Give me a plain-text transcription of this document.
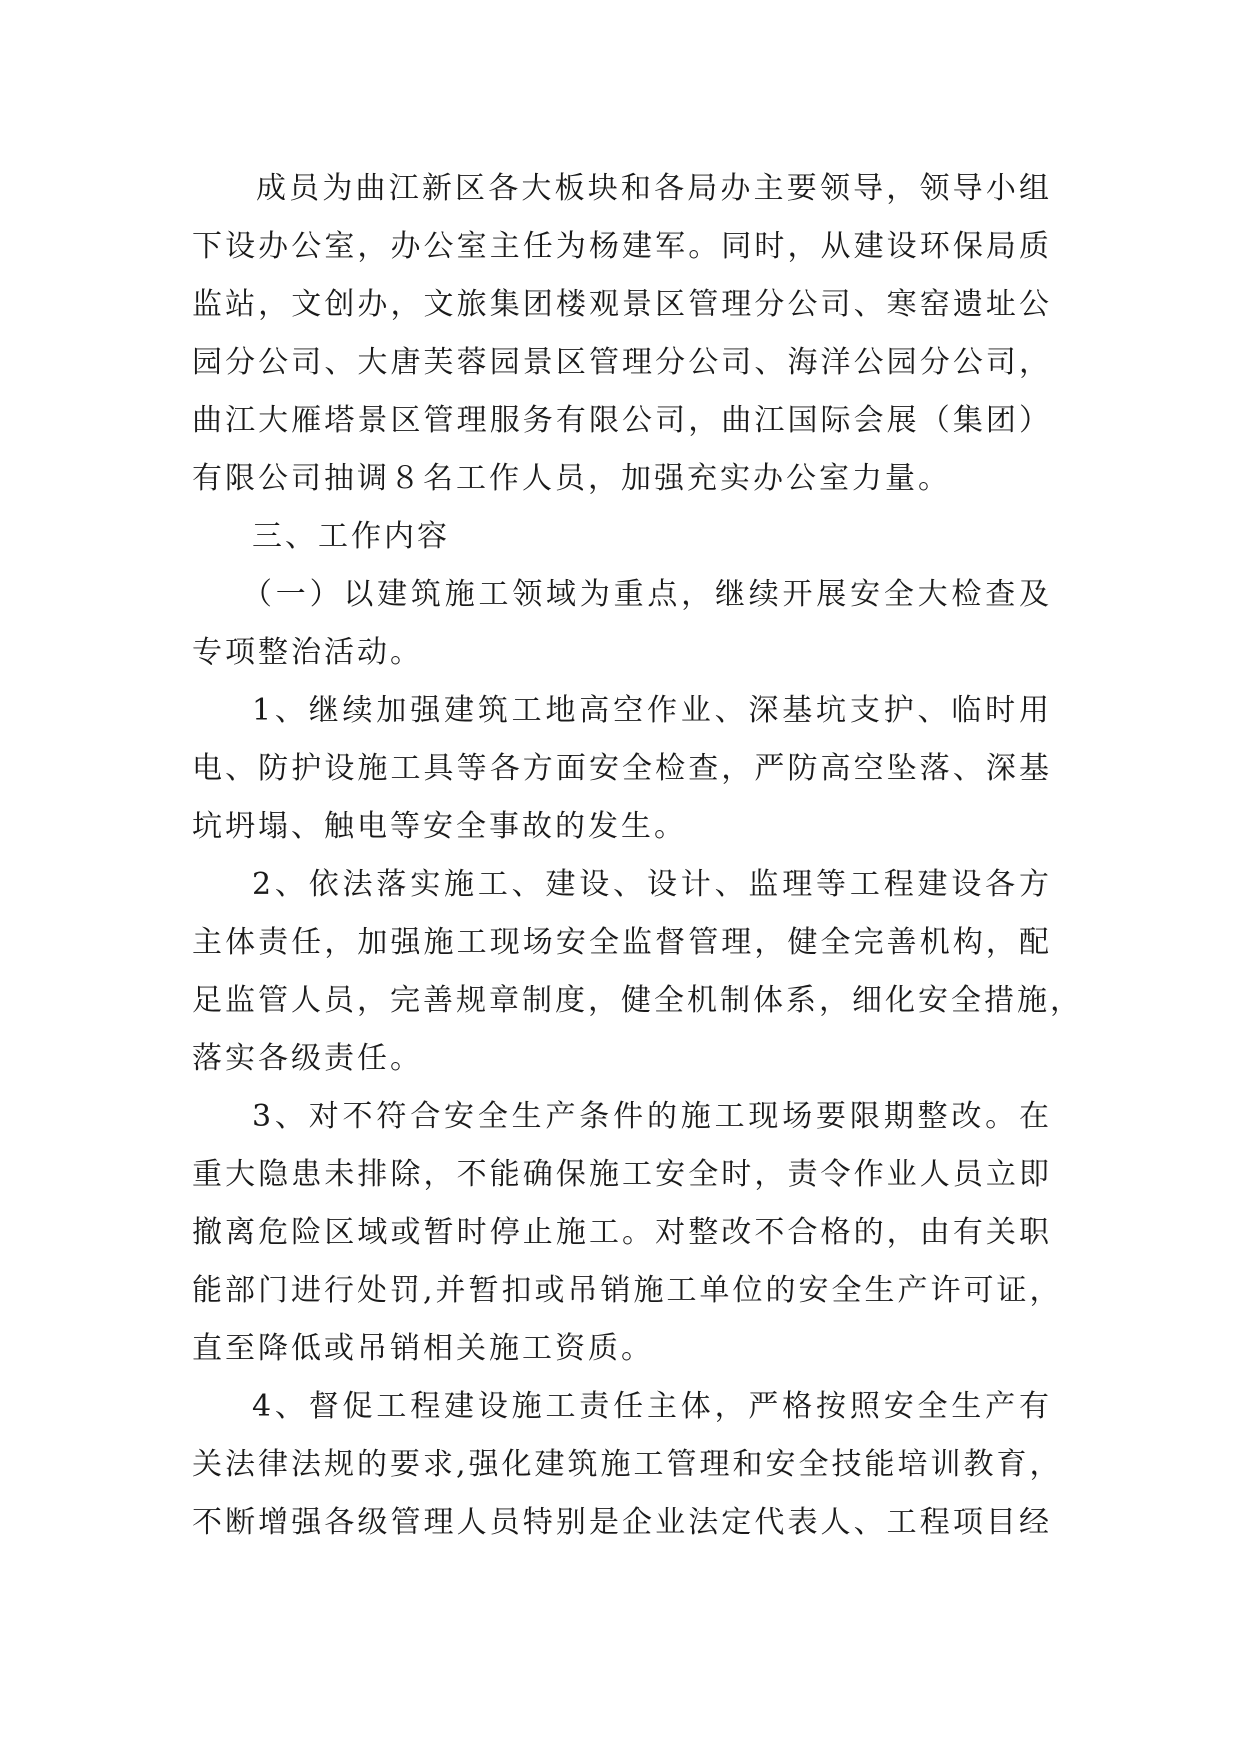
成员为曲江新区各大板块和各局办主要领导，领导小组
下设办公室，办公室主任为杨建军。同时，从建设环保局质
监站，文创办，文旅集团楼观景区管理分公司、寒窑遗址公
园分公司、大唐芙蓉园景区管理分公司、海洋公园分公司，
曲江大雁塔景区管理服务有限公司，曲江国际会展（集团）
有限公司抽调８名工作人员，加强充实办公室力量。
三、工作内容
（一）以建筑施工领域为重点，继续开展安全大检查及
专项整治活动。
1、继续加强建筑工地高空作业、深基坑支护、临时用
电、防护设施工具等各方面安全检查，严防高空坠落、深基
坑坍塌、触电等安全事故的发生。
2、依法落实施工、建设、设计、监理等工程建设各方
主体责任，加强施工现场安全监督管理，健全完善机构，配
足监管人员，完善规章制度，健全机制体系，细化安全措施，
落实各级责任。
3、对不符合安全生产条件的施工现场要限期整改。在
重大隐患未排除，不能确保施工安全时，责令作业人员立即
撤离危险区域或暂时停止施工。对整改不合格的，由有关职
能部门进行处罚,并暂扣或吊销施工单位的安全生产许可证，
直至降低或吊销相关施工资质。
4、督促工程建设施工责任主体，严格按照安全生产有
关法律法规的要求,强化建筑施工管理和安全技能培训教育，
不断增强各级管理人员特别是企业法定代表人、工程项目经
